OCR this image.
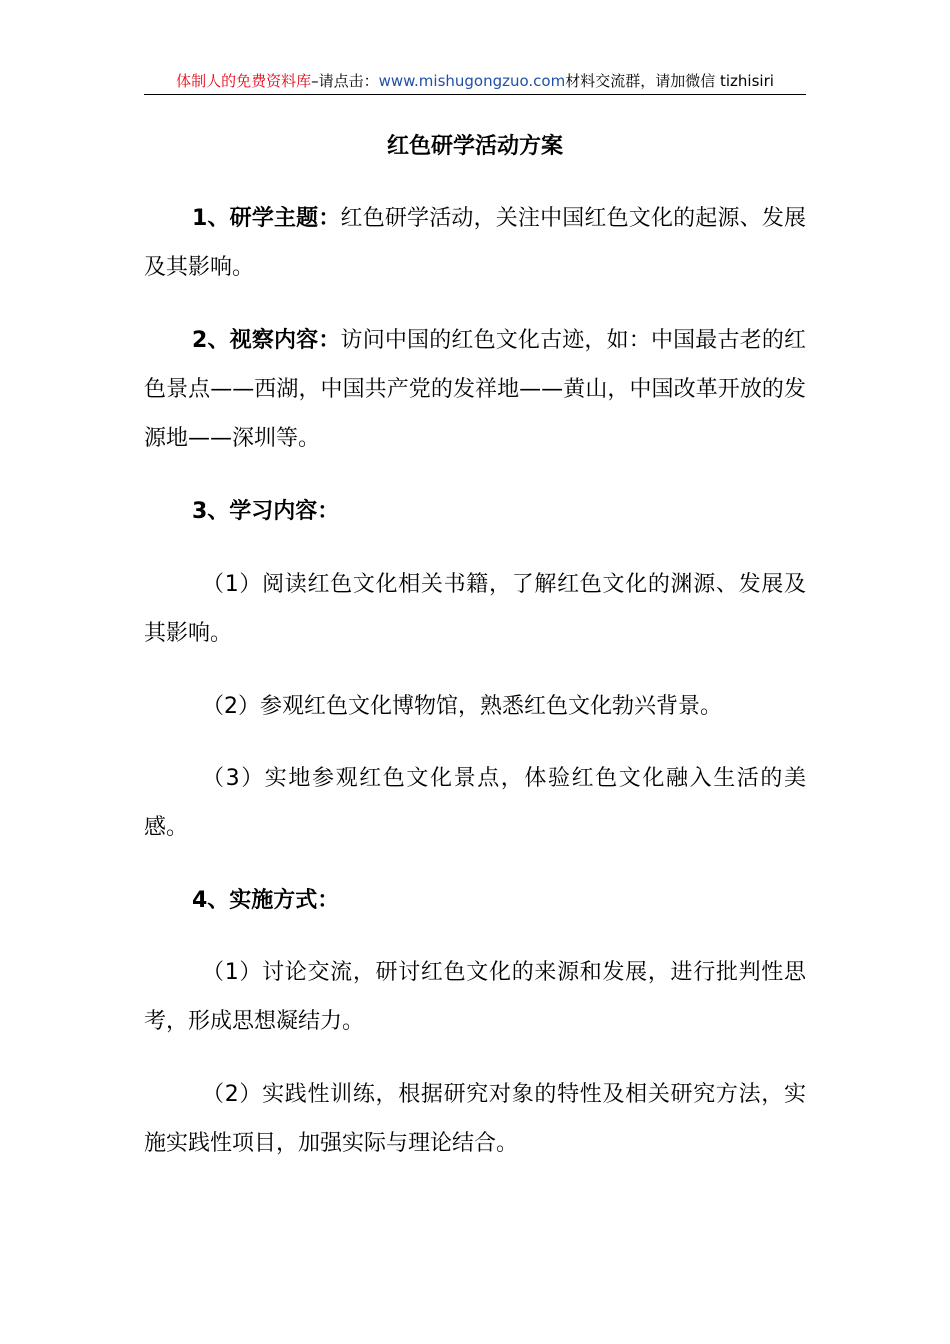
体制人的免费资料库–请点击：www.mishugongzuo.com材料交流群，请加微信 tizhisiri
红色研学活动方案

1、研学主题：红色研学活动，关注中国红色文化的起源、发展及其影响。

2、视察内容：访问中国的红色文化古迹，如：中国最古老的红色景点——西湖，中国共产党的发祥地——黄山，中国改革开放的发源地——深圳等。

3、学习内容：

（1）阅读红色文化相关书籍，了解红色文化的渊源、发展及其影响。

（2）参观红色文化博物馆，熟悉红色文化勃兴背景。

（3）实地参观红色文化景点，体验红色文化融入生活的美感。

4、实施方式：

（1）讨论交流，研讨红色文化的来源和发展，进行批判性思考，形成思想凝结力。

（2）实践性训练，根据研究对象的特性及相关研究方法，实施实践性项目，加强实际与理论结合。
